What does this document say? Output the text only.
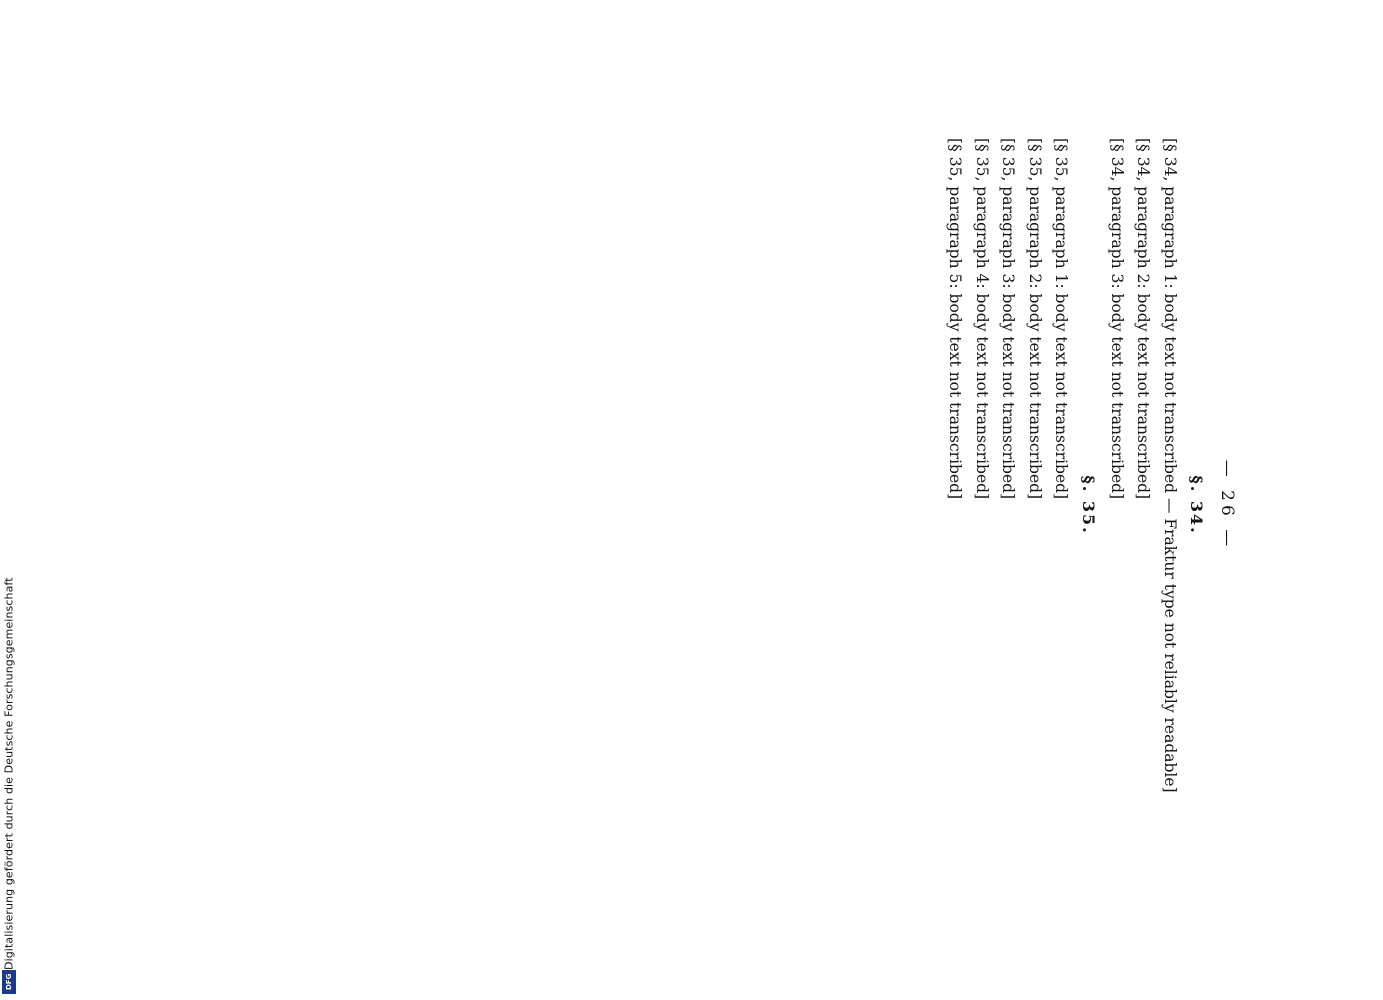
DFG
Digitalisierung gefördert durch die Deutsche Forschungsgemeinschaft
— 26 —
§. 34.

[§ 34, paragraph 1: body text not transcribed — Fraktur type not reliably readable]

[§ 34, paragraph 2: body text not transcribed]

[§ 34, paragraph 3: body text not transcribed]

§. 35.

[§ 35, paragraph 1: body text not transcribed]

[§ 35, paragraph 2: body text not transcribed]

[§ 35, paragraph 3: body text not transcribed]

[§ 35, paragraph 4: body text not transcribed]

[§ 35, paragraph 5: body text not transcribed]
